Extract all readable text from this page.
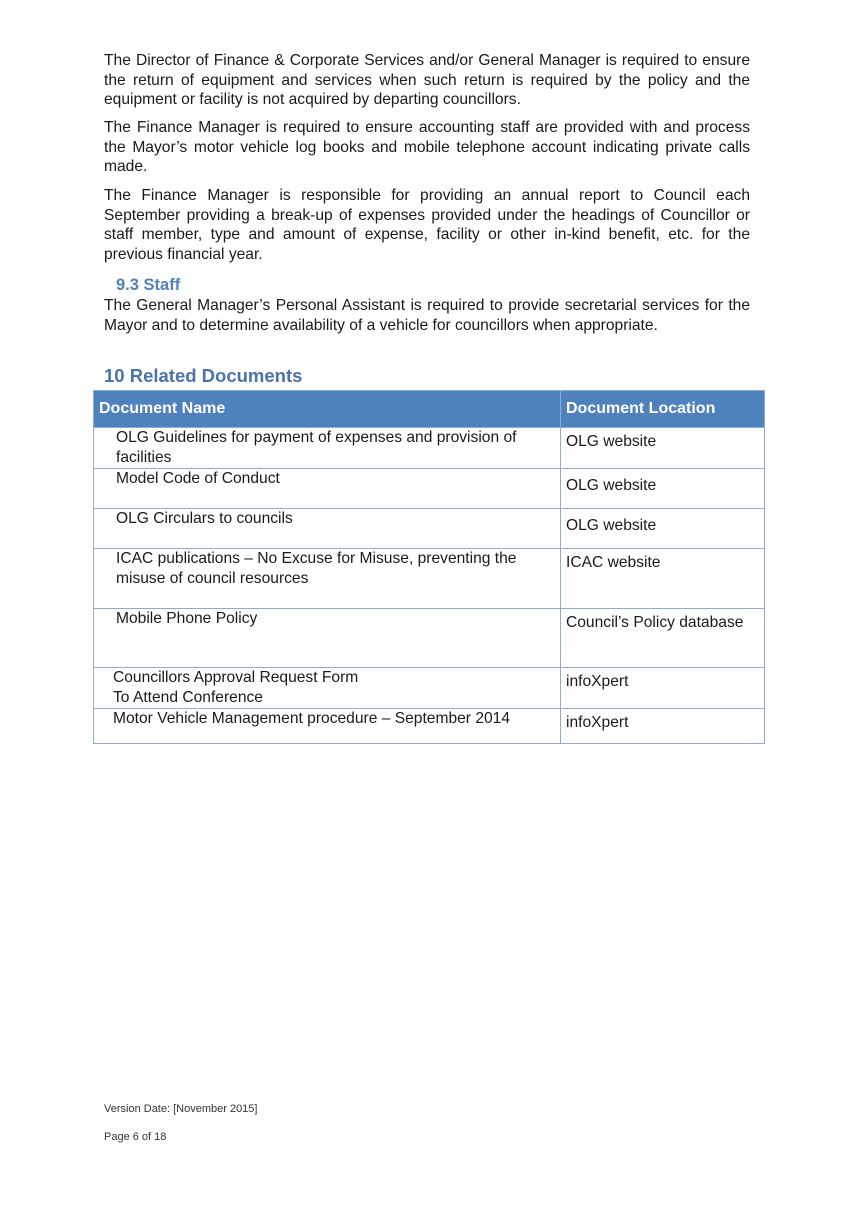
The Director of Finance & Corporate Services and/or General Manager is required to ensure the return of equipment and services when such return is required by the policy and the equipment or facility is not acquired by departing councillors.

The Finance Manager is required to ensure accounting staff are provided with and process the Mayor’s motor vehicle log books and mobile telephone account indicating private calls made.

The Finance Manager is responsible for providing an annual report to Council each September providing a break-up of expenses provided under the headings of Councillor or staff member, type and amount of expense, facility or other in-kind benefit, etc. for the previous financial year.

9.3 Staff

The General Manager’s Personal Assistant is required to provide secretarial services for the Mayor and to determine availability of a vehicle for councillors when appropriate.

10 Related Documents
Document Name	Document Location
OLG Guidelines for payment of expenses and provision of facilities	OLG website
Model Code of Conduct	OLG website
OLG Circulars to councils	OLG website
ICAC publications – No Excuse for Misuse, preventing the misuse of council resources	ICAC website
Mobile Phone Policy	Council’s Policy database

Councillors Approval Request Form
To Attend Conference	infoXpert
Motor Vehicle Management procedure – September 2014	infoXpert

Version Date: [November 2015]

Page 6 of 18
